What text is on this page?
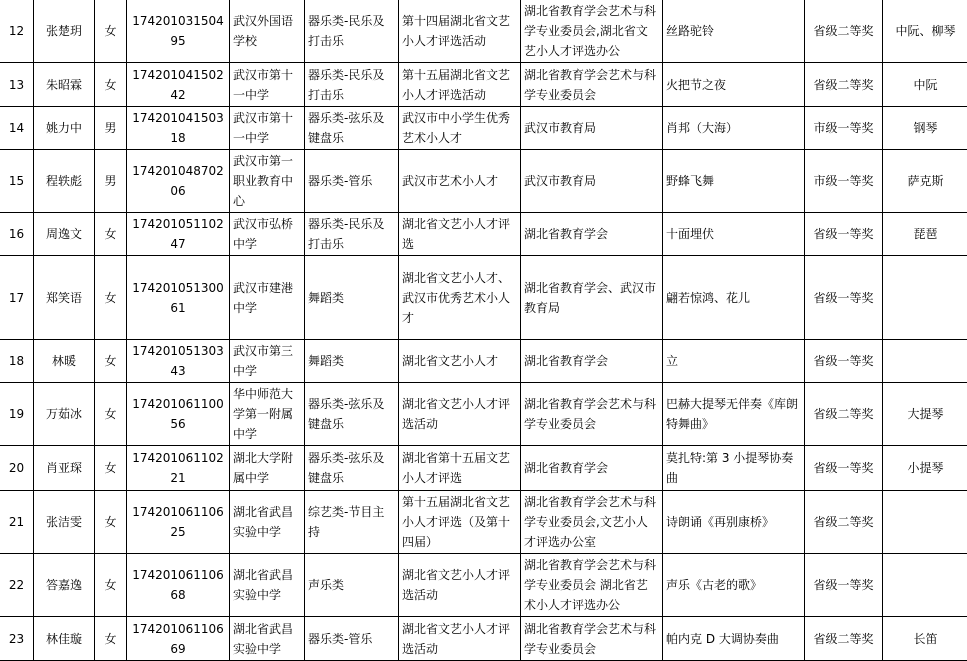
12	张楚玥	女	17420103150495	武汉外国语学校	器乐类-民乐及打击乐	第十四届湖北省文艺小人才评选活动	湖北省教育学会艺术与科学专业委员会,湖北省文艺小人才评选办公	丝路驼铃	省级二等奖	中阮、柳琴
13	朱昭霖	女	17420104150242	武汉市第十一中学	器乐类-民乐及打击乐	第十五届湖北省文艺小人才评选活动	湖北省教育学会艺术与科学专业委员会	火把节之夜	省级二等奖	中阮
14	姚力中	男	17420104150318	武汉市第十一中学	器乐类-弦乐及键盘乐	武汉市中小学生优秀艺术小人才	武汉市教育局	肖邦（大海）	市级一等奖	钢琴
15	程轶彪	男	17420104870206	武汉市第一职业教育中心	器乐类-管乐	武汉市艺术小人才	武汉市教育局	野蜂飞舞	市级一等奖	萨克斯
16	周逸文	女	17420105110247	武汉市弘桥中学	器乐类-民乐及打击乐	湖北省文艺小人才评选	湖北省教育学会	十面埋伏	省级一等奖	琵琶
17	郑笑语	女	17420105130061	武汉市建港中学	舞蹈类	湖北省文艺小人才、武汉市优秀艺术小人才	湖北省教育学会、武汉市教育局	翩若惊鸿、花儿	省级一等奖	
18	林暖	女	17420105130343	武汉市第三中学	舞蹈类	湖北省文艺小人才	湖北省教育学会	立	省级一等奖	
19	万茹冰	女	17420106110056	华中师范大学第一附属中学	器乐类-弦乐及键盘乐	湖北省文艺小人才评选活动	湖北省教育学会艺术与科学专业委员会	巴赫大提琴无伴奏《库朗特舞曲》	省级二等奖	大提琴
20	肖亚琛	女	17420106110221	湖北大学附属中学	器乐类-弦乐及键盘乐	湖北省第十五届文艺小人才评选	湖北省教育学会	莫扎特:第 3 小提琴协奏曲	省级一等奖	小提琴
21	张洁雯	女	17420106110625	湖北省武昌实验中学	综艺类-节目主持	第十五届湖北省文艺小人才评选（及第十四届）	湖北省教育学会艺术与科学专业委员会,文艺小人才评选办公室	诗朗诵《再别康桥》	省级二等奖	
22	答嘉逸	女	17420106110668	湖北省武昌实验中学	声乐类	湖北省文艺小人才评选活动	湖北省教育学会艺术与科学专业委员会 湖北省艺术小人才评选办公	声乐《古老的歌》	省级一等奖	
23	林佳璇	女	17420106110669	湖北省武昌实验中学	器乐类-管乐	湖北省文艺小人才评选活动	湖北省教育学会艺术与科学专业委员会	帕内克 D 大调协奏曲	省级二等奖	长笛
